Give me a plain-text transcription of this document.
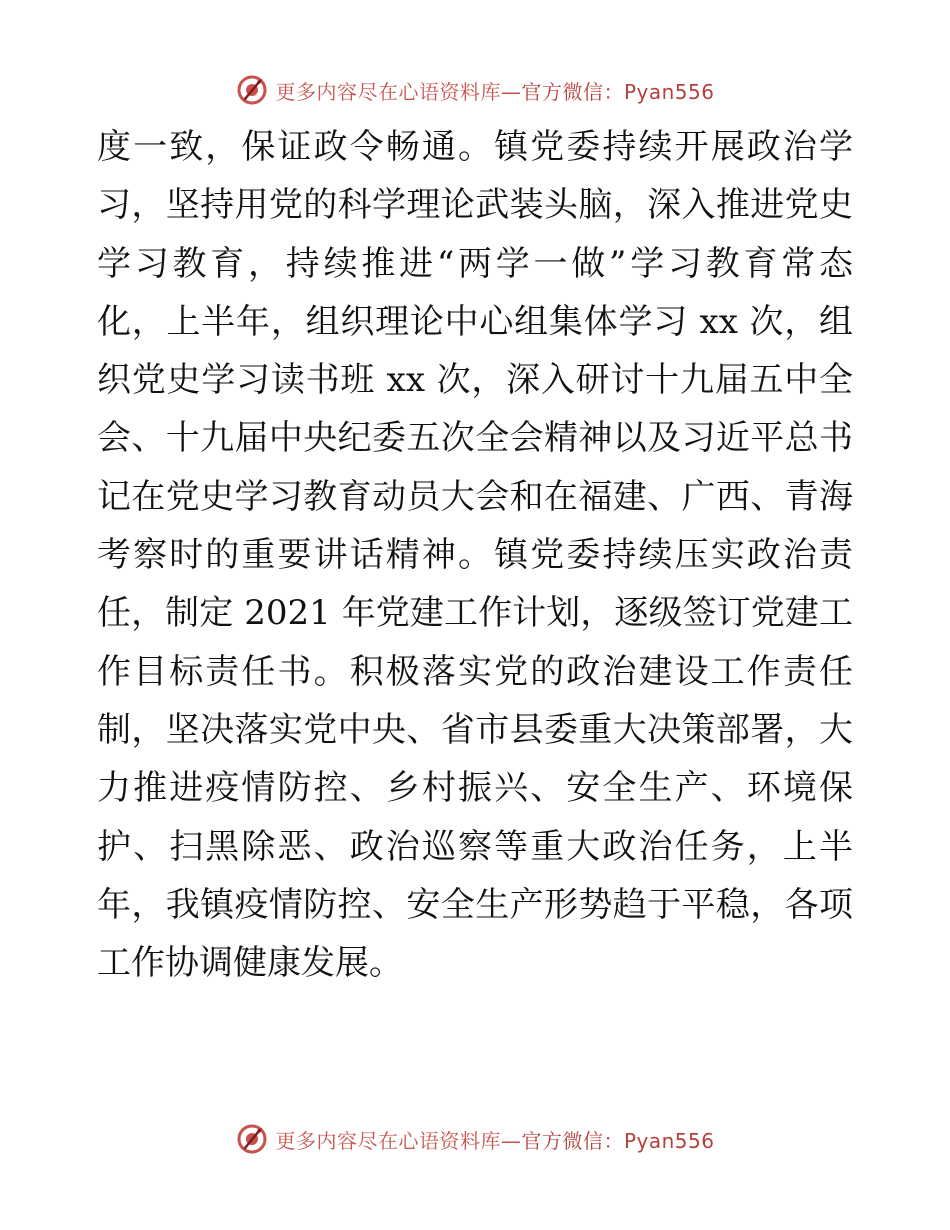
更多内容尽在心语资料库—官方微信：Pyan556
度一致，保证政令畅通。镇党委持续开展政治学
习，坚持用党的科学理论武装头脑，深入推进党史
学习教育，持续推进“两学一做”学习教育常态
化，上半年，组织理论中心组集体学习 xx 次，组
织党史学习读书班 xx 次，深入研讨十九届五中全
会、十九届中央纪委五次全会精神以及习近平总书
记在党史学习教育动员大会和在福建、广西、青海
考察时的重要讲话精神。镇党委持续压实政治责
任，制定 2021 年党建工作计划，逐级签订党建工
作目标责任书。积极落实党的政治建设工作责任
制，坚决落实党中央、省市县委重大决策部署，大
力推进疫情防控、乡村振兴、安全生产、环境保
护、扫黑除恶、政治巡察等重大政治任务，上半
年，我镇疫情防控、安全生产形势趋于平稳，各项
工作协调健康发展。
更多内容尽在心语资料库—官方微信：Pyan556
